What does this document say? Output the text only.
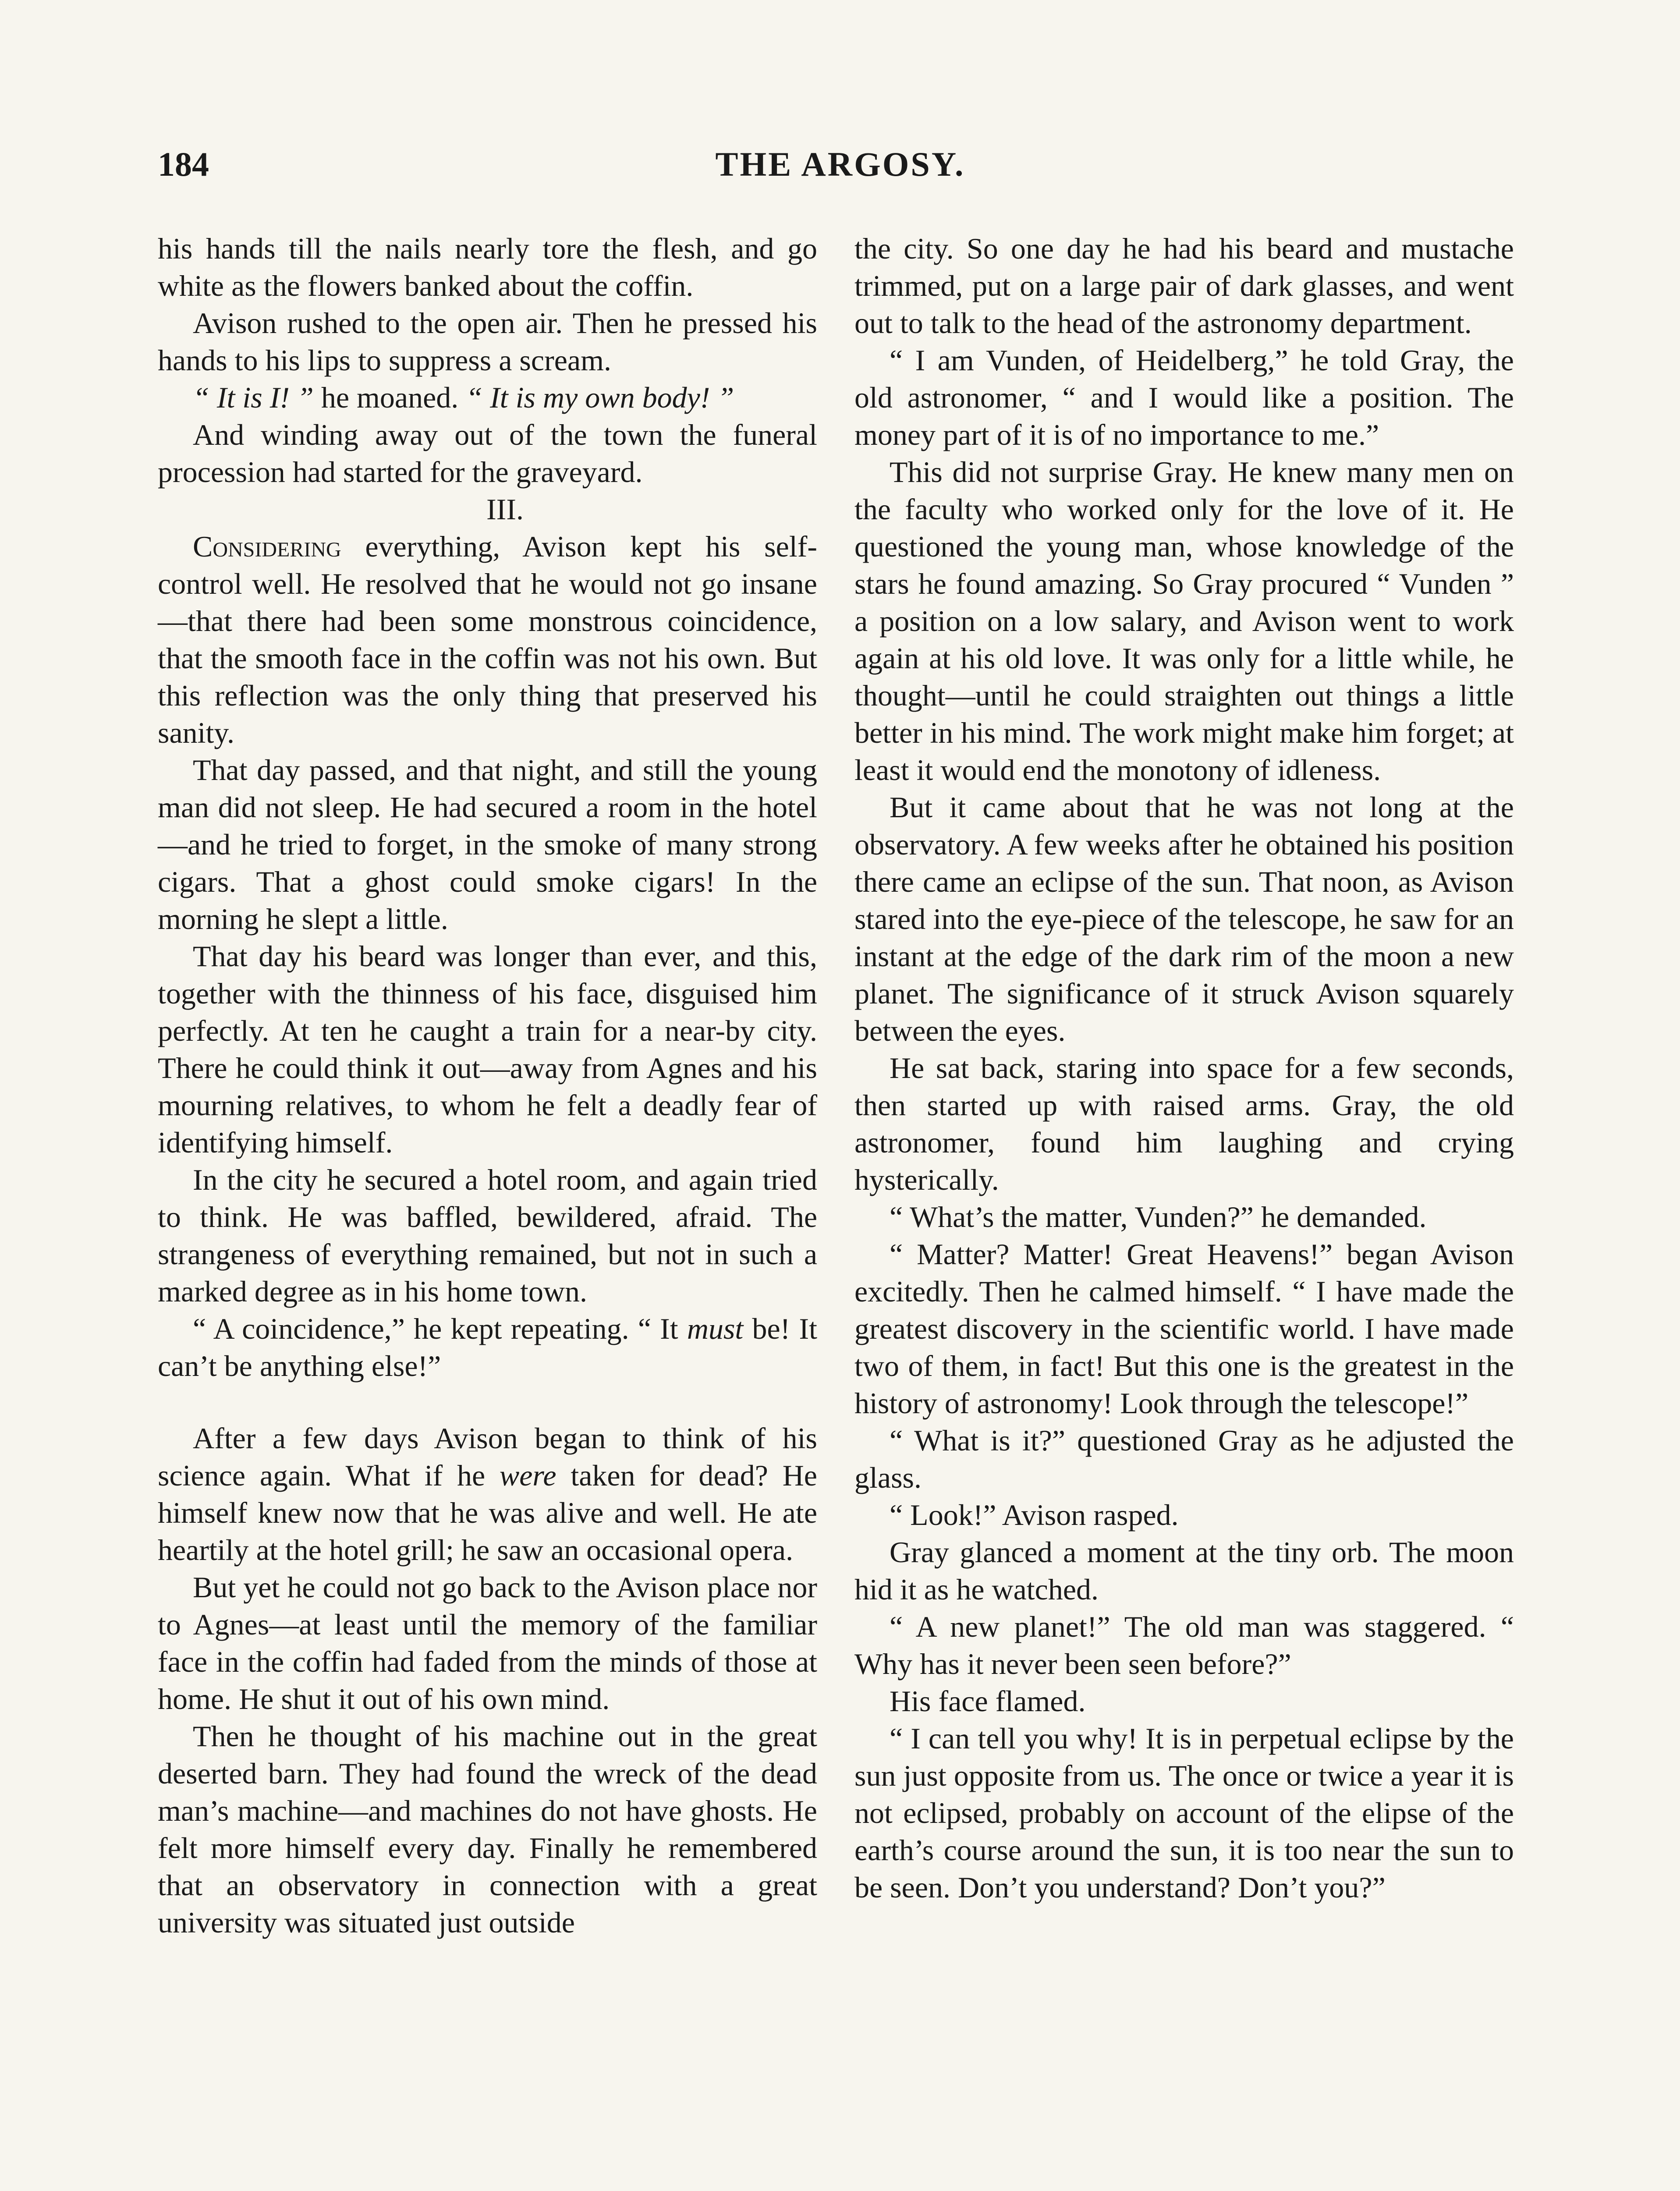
184	THE ARGOSY.

his hands till the nails nearly tore the flesh, and go white as the flowers banked about the coffin.

Avison rushed to the open air. Then he pressed his hands to his lips to suppress a scream.

“ It is I! ” he moaned. “ It is my own body! ”

And winding away out of the town the funeral procession had started for the graveyard.

III.

Considering everything, Avison kept his self-control well. He resolved that he would not go insane—that there had been some monstrous coincidence, that the smooth face in the coffin was not his own. But this reflection was the only thing that preserved his sanity.

That day passed, and that night, and still the young man did not sleep. He had secured a room in the hotel—and he tried to forget, in the smoke of many strong cigars. That a ghost could smoke cigars! In the morning he slept a little.

That day his beard was longer than ever, and this, together with the thinness of his face, disguised him perfectly. At ten he caught a train for a near-by city. There he could think it out—away from Agnes and his mourning relatives, to whom he felt a deadly fear of identifying himself.

In the city he secured a hotel room, and again tried to think. He was baffled, bewildered, afraid. The strangeness of everything remained, but not in such a marked degree as in his home town.

“ A coincidence,” he kept repeating. “ It must be! It can’t be anything else!”

After a few days Avison began to think of his science again. What if he were taken for dead? He himself knew now that he was alive and well. He ate heartily at the hotel grill; he saw an occasional opera.

But yet he could not go back to the Avison place nor to Agnes—at least until the memory of the familiar face in the coffin had faded from the minds of those at home. He shut it out of his own mind.

Then he thought of his machine out in the great deserted barn. They had found the wreck of the dead man’s machine—and machines do not have ghosts. He felt more himself every day. Finally he remembered that an observatory in connection with a great university was situated just outside

the city. So one day he had his beard and mustache trimmed, put on a large pair of dark glasses, and went out to talk to the head of the astronomy department.

“ I am Vunden, of Heidelberg,” he told Gray, the old astronomer, “ and I would like a position. The money part of it is of no importance to me.”

This did not surprise Gray. He knew many men on the faculty who worked only for the love of it. He questioned the young man, whose knowledge of the stars he found amazing. So Gray procured “ Vunden ” a position on a low salary, and Avison went to work again at his old love. It was only for a little while, he thought—until he could straighten out things a little better in his mind. The work might make him forget; at least it would end the monotony of idleness.

But it came about that he was not long at the observatory. A few weeks after he obtained his position there came an eclipse of the sun. That noon, as Avison stared into the eye-piece of the telescope, he saw for an instant at the edge of the dark rim of the moon a new planet. The significance of it struck Avison squarely between the eyes.

He sat back, staring into space for a few seconds, then started up with raised arms. Gray, the old astronomer, found him laughing and crying hysterically.

“ What’s the matter, Vunden?” he demanded.

“ Matter? Matter! Great Heavens!” began Avison excitedly. Then he calmed himself. “ I have made the greatest discovery in the scientific world. I have made two of them, in fact! But this one is the greatest in the history of astronomy! Look through the telescope!”

“ What is it?” questioned Gray as he adjusted the glass.

“ Look!” Avison rasped.

Gray glanced a moment at the tiny orb. The moon hid it as he watched.

“ A new planet!” The old man was staggered. “ Why has it never been seen before?”

His face flamed.

“ I can tell you why! It is in perpetual eclipse by the sun just opposite from us. The once or twice a year it is not eclipsed, probably on account of the elipse of the earth’s course around the sun, it is too near the sun to be seen. Don’t you understand? Don’t you?”
